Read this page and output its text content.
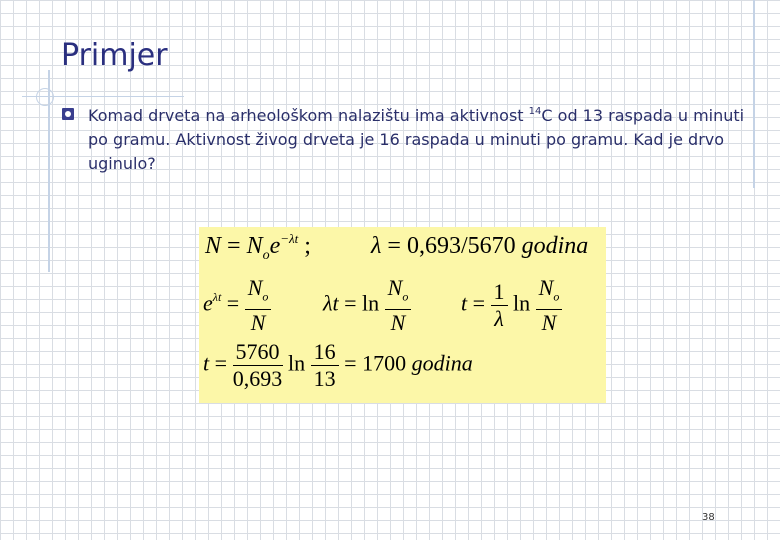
Primjer
Komad drveta na arheološkom nalazištu ima aktivnost $^{14}$C od 13 raspada u minuti po gramu. Aktivnost živog drveta je 16 raspada u minuti po gramu. Kad je drvo uginulo?
$N = N_oe^{-\lambda t}$ ;	λ = 0,693/5670 godina
$e^{\lambda t} = \frac{N_o}{N}$ $\lambda t = \ln \frac{N_o}{N}$ $t = \frac{1}{\lambda}$ $\ln \frac{N_o}{N}$
$t = \frac{5760}{0,693}$ $\ln \frac{16}{13} = 1700$ godina
38
